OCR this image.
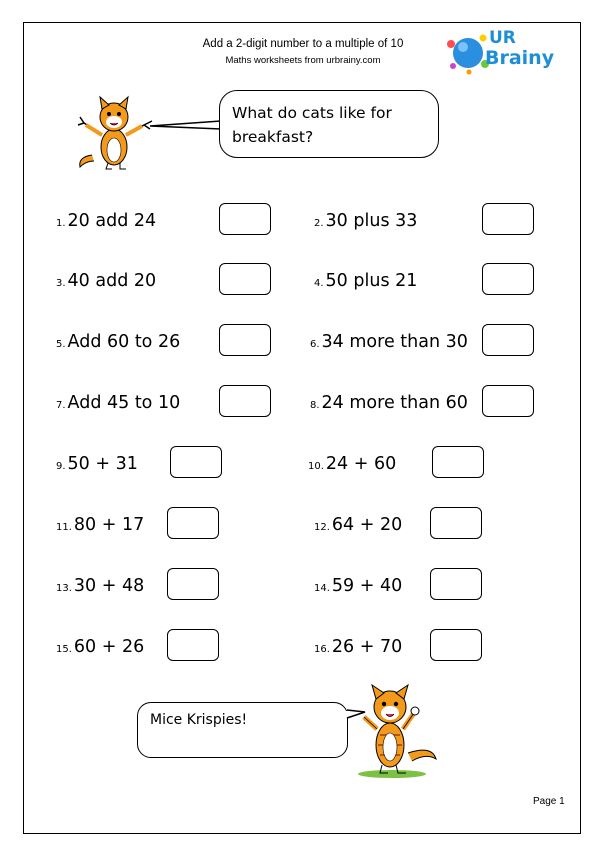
Add a 2-digit number to a multiple of 10
Maths worksheets from urbrainy.com
UR
Brainy
What do cats like for breakfast?
1. 20 add 24	2. 30 plus 33
3. 40 add 20	4. 50 plus 21
5. Add 60 to 26	6. 34 more than 30
7. Add 45 to 10	8. 24 more than 60
9. 50 + 31	10. 24 + 60
11. 80 + 17	12. 64 + 20
13. 30 + 48	14. 59 + 40
15. 60 + 26	16. 26 + 70
Mice Krispies!
Page 1
